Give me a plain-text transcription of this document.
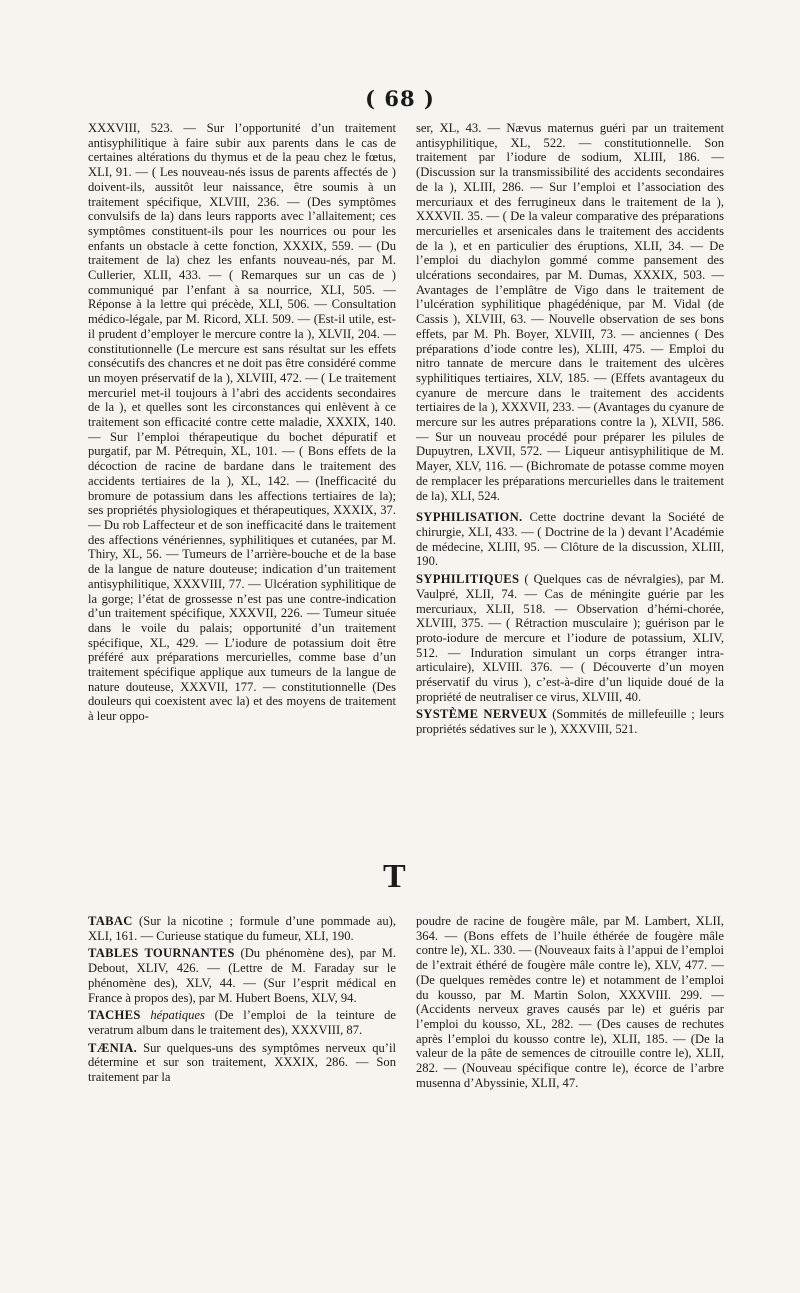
( 68 )

XXXVIII, 523. — Sur l’opportunité d’un traitement antisyphilitique à faire subir aux parents dans le cas de certaines altérations du thymus et de la peau chez le fœtus, XLI, 91. — ( Les nouveau-nés issus de parents affectés de ) doivent-ils, aussitôt leur naissance, être soumis à un traitement spécifique, XLVIII, 236. — (Des symptômes convulsifs de la) dans leurs rapports avec l’allaitement; ces symptômes constituent-ils pour les nourrices ou pour les enfants un obstacle à cette fonction, XXXIX, 559. — (Du traitement de la) chez les enfants nouveau-nés, par M. Cullerier, XLII, 433. — ( Remarques sur un cas de ) communiqué par l’enfant à sa nourrice, XLI, 505. — Réponse à la lettre qui précède, XLI, 506. — Consultation médico-légale, par M. Ricord, XLI. 509. — (Est-il utile, est-il prudent d’employer le mercure contre la ), XLVII, 204. — constitutionnelle (Le mercure est sans résultat sur les effets consécutifs des chancres et ne doit pas être considéré comme un moyen préservatif de la ), XLVIII, 472. — ( Le traitement mercuriel met-il toujours à l’abri des accidents secondaires de la ), et quelles sont les circonstances qui enlèvent à ce traitement son efficacité contre cette maladie, XXXIX, 140. — Sur l’emploi thérapeutique du bochet dépuratif et purgatif, par M. Pétrequin, XL, 101. — ( Bons effets de la décoction de racine de bardane dans le traitement des accidents tertiaires de la ), XL, 142. — (Inefficacité du bromure de potassium dans les affections tertiaires de la); ses propriétés physiologiques et thérapeutiques, XXXIX, 37. — Du rob Laffecteur et de son inefficacité dans le traitement des affections vénériennes, syphilitiques et cutanées, par M. Thiry, XL, 56. — Tumeurs de l’arrière-bouche et de la base de la langue de nature douteuse; indication d’un traitement antisyphilitique, XXXVIII, 77. — Ulcération syphilitique de la gorge; l’état de grossesse n’est pas une contre-indication d’un traitement spécifique, XXXVII, 226. — Tumeur située dans le voile du palais; opportunité d’un traitement spécifique, XL, 429. — L’iodure de potassium doit être préféré aux préparations mercurielles, comme base d’un traitement spécifique applique aux tumeurs de la langue de nature douteuse, XXXVII, 177. — constitutionnelle (Des douleurs qui coexistent avec la) et des moyens de traitement à leur oppo-

ser, XL, 43. — Nævus maternus guéri par un traitement antisyphilitique, XL, 522. — constitutionnelle. Son traitement par l’iodure de sodium, XLIII, 186. — (Discussion sur la transmissibilité des accidents secondaires de la ), XLIII, 286. — Sur l’emploi et l’association des mercuriaux et des ferrugineux dans le traitement de la ), XXXVII. 35. — ( De la valeur comparative des préparations mercurielles et arsenicales dans le traitement des accidents de la ), et en particulier des éruptions, XLII, 34. — De l’emploi du diachylon gommé comme pansement des ulcérations secondaires, par M. Dumas, XXXIX, 503. — Avantages de l’emplâtre de Vigo dans le traitement de l’ulcération syphilitique phagédénique, par M. Vidal (de Cassis ), XLVIII, 63. — Nouvelle observation de ses bons effets, par M. Ph. Boyer, XLVIII, 73. — anciennes ( Des préparations d’iode contre les), XLIII, 475. — Emploi du nitro tannate de mercure dans le traitement des ulcères syphilitiques tertiaires, XLV, 185. — (Effets avantageux du cyanure de mercure dans le traitement des accidents tertiaires de la ), XXXVII, 233. — (Avantages du cyanure de mercure sur les autres préparations contre la ), XLVII, 586. — Sur un nouveau procédé pour préparer les pilules de Dupuytren, LXVII, 572. — Liqueur antisyphilitique de M. Mayer, XLV, 116. — (Bichromate de potasse comme moyen de remplacer les préparations mercurielles dans le traitement de la), XLI, 524.

SYPHILISATION. Cette doctrine devant la Société de chirurgie, XLI, 433. — ( Doctrine de la ) devant l’Académie de médecine, XLIII, 95. — Clôture de la discussion, XLIII, 190.

SYPHILITIQUES ( Quelques cas de névralgies), par M. Vaulpré, XLII, 74. — Cas de méningite guérie par les mercuriaux, XLII, 518. — Observation d’hémi-chorée, XLVIII, 375. — ( Rétraction musculaire ); guérison par le proto-iodure de mercure et l’iodure de potassium, XLIV, 512. — Induration simulant un corps étranger intra-articulaire), XLVIII. 376. — ( Découverte d’un moyen préservatif du virus ), c’est-à-dire d’un liquide doué de la propriété de neutraliser ce virus, XLVIII, 40.

SYSTÈME NERVEUX (Sommités de millefeuille ; leurs propriétés sédatives sur le ), XXXVIII, 521.

T

TABAC (Sur la nicotine ; formule d’une pommade au), XLI, 161. — Curieuse statique du fumeur, XLI, 190.

TABLES TOURNANTES (Du phénomène des), par M. Debout, XLIV, 426. — (Lettre de M. Faraday sur le phénomène des), XLV, 44. — (Sur l’esprit médical en France à propos des), par M. Hubert Boens, XLV, 94.

TACHES hépatiques (De l’emploi de la teinture de veratrum album dans le traitement des), XXXVIII, 87.

TÆNIA. Sur quelques-uns des symptômes nerveux qu’il détermine et sur son traitement, XXXIX, 286. — Son traitement par la

poudre de racine de fougère mâle, par M. Lambert, XLII, 364. — (Bons effets de l’huile éthérée de fougère mâle contre le), XL. 330. — (Nouveaux faits à l’appui de l’emploi de l’extrait éthéré de fougère mâle contre le), XLV, 477. — (De quelques remèdes contre le) et notamment de l’emploi du kousso, par M. Martin Solon, XXXVIII. 299. — (Accidents nerveux graves causés par le) et guéris par l’emploi du kousso, XL, 282. — (Des causes de rechutes après l’emploi du kousso contre le), XLII, 185. — (De la valeur de la pâte de semences de citrouille contre le), XLII, 282. — (Nouveau spécifique contre le), écorce de l’arbre musenna d’Abyssinie, XLII, 47.
